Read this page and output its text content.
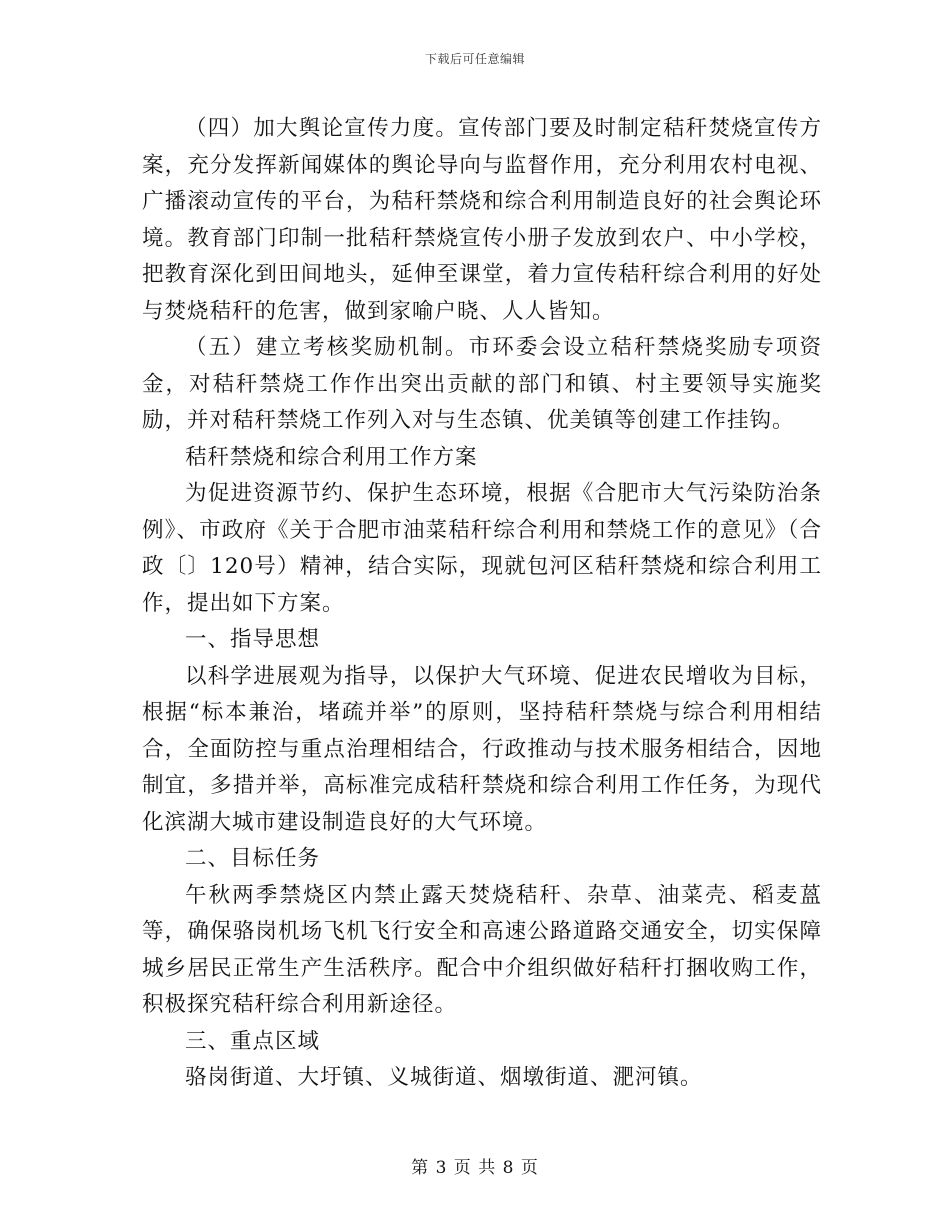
下载后可任意编辑

（四）加大舆论宣传力度。宣传部门要及时制定秸秆焚烧宣传方案，充分发挥新闻媒体的舆论导向与监督作用，充分利用农村电视、广播滚动宣传的平台，为秸秆禁烧和综合利用制造良好的社会舆论环境。教育部门印制一批秸秆禁烧宣传小册子发放到农户、中小学校，把教育深化到田间地头，延伸至课堂，着力宣传秸秆综合利用的好处与焚烧秸秆的危害，做到家喻户晓、人人皆知。

（五）建立考核奖励机制。市环委会设立秸秆禁烧奖励专项资金，对秸秆禁烧工作作出突出贡献的部门和镇、村主要领导实施奖励，并对秸秆禁烧工作列入对与生态镇、优美镇等创建工作挂钩。

秸秆禁烧和综合利用工作方案

为促进资源节约、保护生态环境，根据《合肥市大气污染防治条例》、市政府《关于合肥市油菜秸秆综合利用和禁烧工作的意见》（合政〔〕120号）精神，结合实际，现就包河区秸秆禁烧和综合利用工作，提出如下方案。

一、指导思想

以科学进展观为指导，以保护大气环境、促进农民增收为目标，根据“标本兼治，堵疏并举”的原则，坚持秸秆禁烧与综合利用相结合，全面防控与重点治理相结合，行政推动与技术服务相结合，因地制宜，多措并举，高标准完成秸秆禁烧和综合利用工作任务，为现代化滨湖大城市建设制造良好的大气环境。

二、目标任务

午秋两季禁烧区内禁止露天焚烧秸秆、杂草、油菜壳、稻麦蒕等，确保骆岗机场飞机飞行安全和高速公路道路交通安全，切实保障城乡居民正常生产生活秩序。配合中介组织做好秸秆打捆收购工作，积极探究秸秆综合利用新途径。

三、重点区域

骆岗街道、大圩镇、义城街道、烟墩街道、淝河镇。

第 3 页 共 8 页
